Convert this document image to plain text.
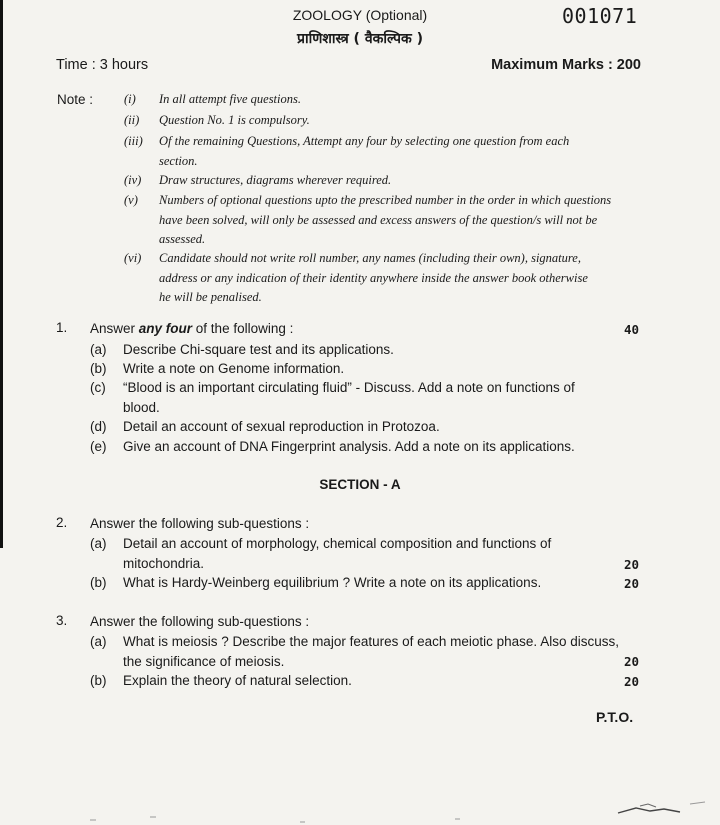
ZOOLOGY (Optional)
प्राणिशास्त्र ( वैकल्पिक )
001071
Time : 3 hours	Maximum Marks : 200
Note : (i) In all attempt five questions.
(ii) Question No. 1 is compulsory.
(iii) Of the remaining Questions, Attempt any four by selecting one question from each
section.
(iv) Draw structures, diagrams wherever required.
(v) Numbers of optional questions upto the prescribed number in the order in which questions
have been solved, will only be assessed and excess answers of the question/s will not be
assessed.
(vi) Candidate should not write roll number, any names (including their own), signature,
address or any indication of their identity anywhere inside the answer book otherwise
he will be penalised.
1. Answer any four of the following :	40
(a) Describe Chi-square test and its applications.
(b) Write a note on Genome information.
(c) “Blood is an important circulating fluid” - Discuss. Add a note on functions of
blood.
(d) Detail an account of sexual reproduction in Protozoa.
(e) Give an account of DNA Fingerprint analysis. Add a note on its applications.
SECTION - A
2. Answer the following sub-questions :
(a) Detail an account of morphology, chemical composition and functions of
mitochondria.	20
(b) What is Hardy-Weinberg equilibrium ? Write a note on its applications.	20
3. Answer the following sub-questions :
(a) What is meiosis ? Describe the major features of each meiotic phase. Also discuss,
the significance of meiosis.	20
(b) Explain the theory of natural selection.	20
P.T.O.
